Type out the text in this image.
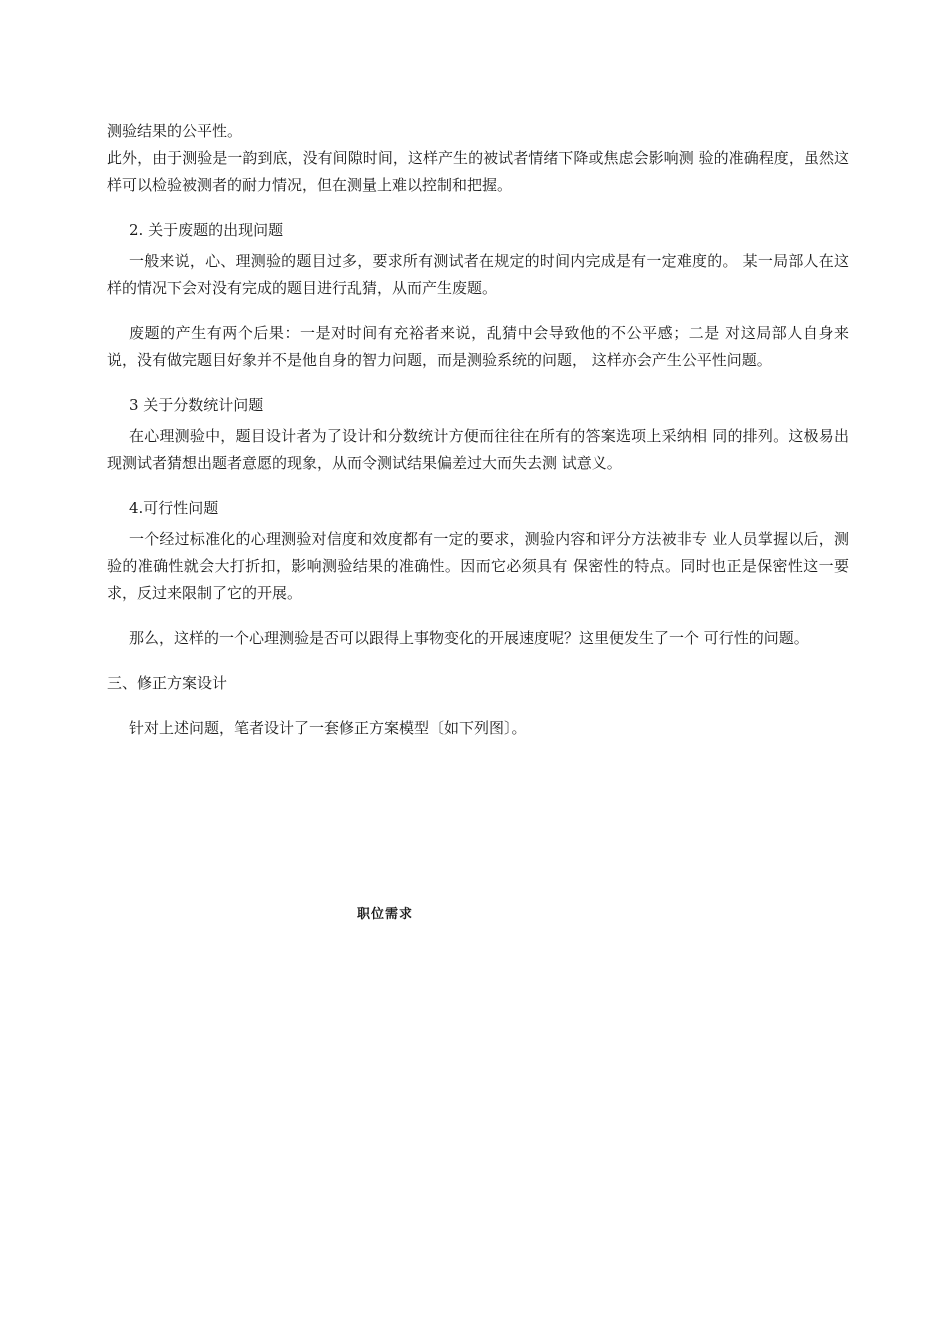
测验结果的公平性。

此外，由于测验是一韵到底，没有间隙时间，这样产生的被试者情绪下降或焦虑会影响测 验的准确程度，虽然这样可以检验被测者的耐力情况，但在测量上难以控制和把握。

2. 关于废题的出现问题

一般来说，心、理测验的题目过多，要求所有测试者在规定的时间内完成是有一定难度的。 某一局部人在这样的情况下会对没有完成的题目进行乱猜，从而产生废题。

废题的产生有两个后果：一是对时间有充裕者来说，乱猜中会导致他的不公平感；二是 对这局部人自身来说，没有做完题目好象并不是他自身的智力问题，而是测验系统的问题， 这样亦会产生公平性问题。

3 关于分数统计问题

在心理测验中，题目设计者为了设计和分数统计方便而往往在所有的答案选项上采纳相 同的排列。这极易出现测试者猜想出题者意愿的现象，从而令测试结果偏差过大而失去测 试意义。

4.可行性问题

一个经过标准化的心理测验对信度和效度都有一定的要求，测验内容和评分方法被非专 业人员掌握以后，测验的准确性就会大打折扣，影响测验结果的准确性。因而它必须具有 保密性的特点。同时也正是保密性这一要求，反过来限制了它的开展。

那么，这样的一个心理测验是否可以跟得上事物变化的开展速度呢？这里便发生了一个 可行性的问题。

三、修正方案设计

针对上述问题，笔者设计了一套修正方案模型〔如下列图〕。

职位需求
